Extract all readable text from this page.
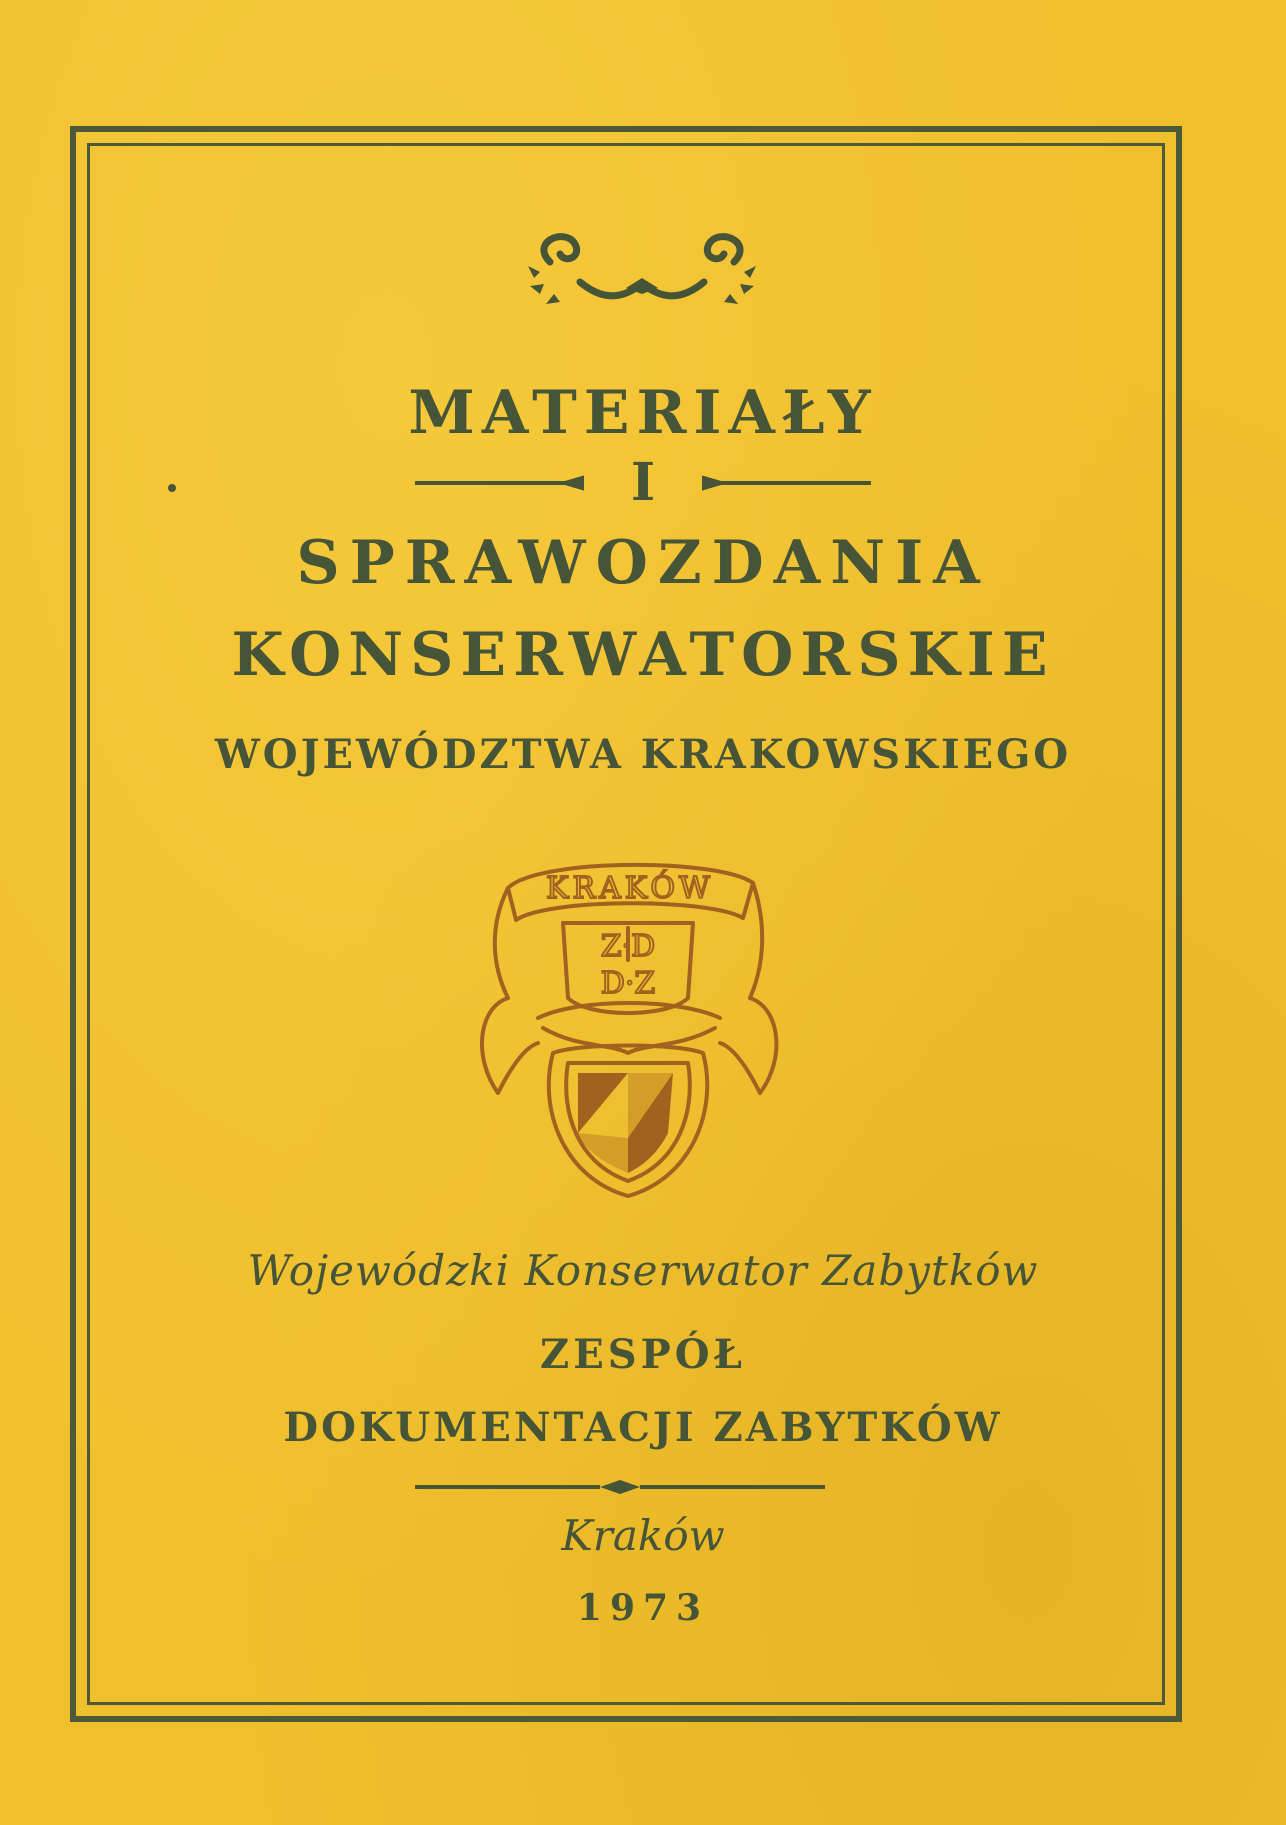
MATERIAŁY
I
SPRAWOZDANIA
KONSERWATORSKIE
WOJEWÓDZTWA KRAKOWSKIEGO
KRAKÓW
Z·D
D·Z
Wojewódzki Konserwator Zabytków
ZESPÓŁ
DOKUMENTACJI ZABYTKÓW
Kraków
1973
